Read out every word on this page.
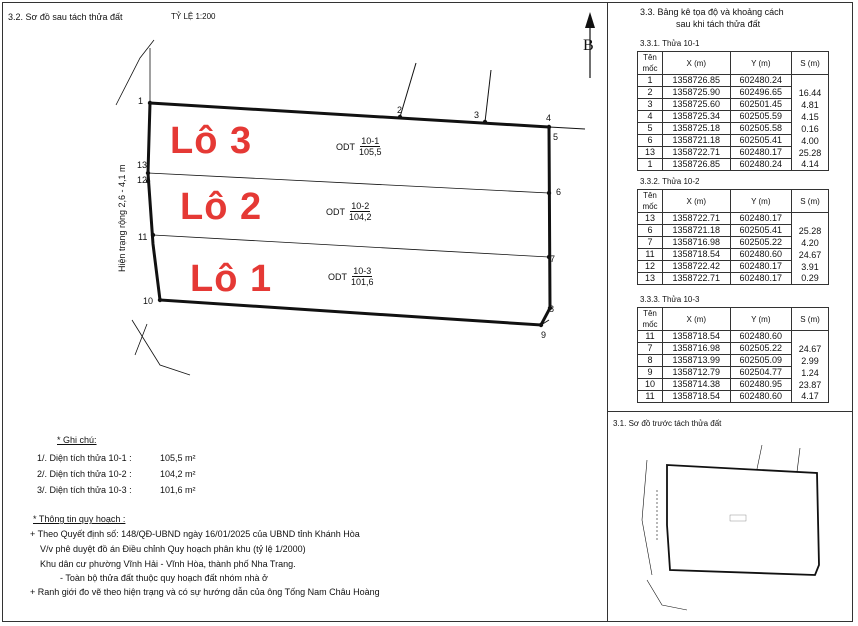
3.2. Sơ đồ sau tách thửa đất	TỶ LỆ 1:200
1
2	3	4
5
6
7
8
9
10
11
12
13
Hiện trạng rộng 2,6 - 4,1 m
B
Lô 3
Lô 2
Lô 1
ODT
10-1
105,5
ODT
10-2
104,2
ODT
10-3
101,6
* Ghi chú:
1/. Diện tích thửa 10-1 :	105,5 m²
2/. Diện tích thửa 10-2 :	104,2 m²
3/. Diện tích thửa 10-3 :	101,6 m²
* Thông tin quy hoạch :
+ Theo Quyết định số: 148/QĐ-UBND ngày 16/01/2025 của UBND tỉnh Khánh Hòa
V/v phê duyệt đồ án Điều chỉnh Quy hoạch phân khu (tỷ lệ 1/2000)
Khu dân cư phường Vĩnh Hải - Vĩnh Hòa, thành phố Nha Trang.
- Toàn bộ thửa đất thuộc quy hoạch đất nhóm nhà ở
+ Ranh giới đo vẽ theo hiện trạng và có sự hướng dẫn của ông Tống Nam Châu Hoàng
3.3. Bảng kê tọa độ và khoảng cách
sau khi tách thửa đất
3.3.1. Thửa 10-1
Tên mốc	X (m)	Y (m)	S (m)
1	1358726.85	602480.24	
2	1358725.90	602496.65	16.44
3	1358725.60	602501.45	4.81
4	1358725.34	602505.59	4.15
5	1358725.18	602505.58	0.16
6	1358721.18	602505.41	4.00
13	1358722.71	602480.17	25.28
1	1358726.85	602480.24	4.14
3.3.2. Thửa 10-2
Tên mốc	X (m)	Y (m)	S (m)
13	1358722.71	602480.17	
6	1358721.18	602505.41	25.28
7	1358716.98	602505.22	4.20
11	1358718.54	602480.60	24.67
12	1358722.42	602480.17	3.91
13	1358722.71	602480.17	0.29
3.3.3. Thửa 10-3
Tên mốc	X (m)	Y (m)	S (m)
11	1358718.54	602480.60	
7	1358716.98	602505.22	24.67
8	1358713.99	602505.09	2.99
9	1358712.79	602504.77	1.24
10	1358714.38	602480.95	23.87
11	1358718.54	602480.60	4.17
3.1. Sơ đồ trước tách thửa đất
